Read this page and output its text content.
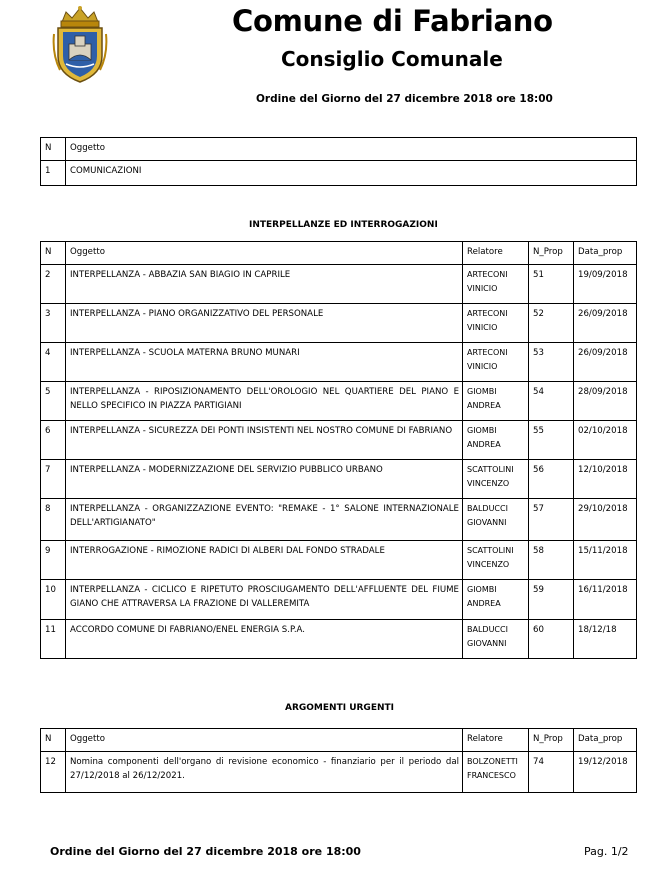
Comune di Fabriano
Consiglio Comunale
Ordine del Giorno del 27 dicembre 2018 ore 18:00
N	Oggetto
1	COMUNICAZIONI
INTERPELLANZE ED INTERROGAZIONI
N	Oggetto	Relatore	N_Prop	Data_prop
2	INTERPELLANZA - ABBAZIA SAN BIAGIO IN CAPRILE	ARTECONI VINICIO	51	19/09/2018
3	INTERPELLANZA - PIANO ORGANIZZATIVO DEL PERSONALE	ARTECONI VINICIO	52	26/09/2018
4	INTERPELLANZA - SCUOLA MATERNA BRUNO MUNARI	ARTECONI VINICIO	53	26/09/2018
5	INTERPELLANZA - RIPOSIZIONAMENTO DELL'OROLOGIO NEL QUARTIERE DEL PIANO E NELLO SPECIFICO IN PIAZZA PARTIGIANI	GIOMBI ANDREA	54	28/09/2018
6	INTERPELLANZA - SICUREZZA DEI PONTI INSISTENTI NEL NOSTRO COMUNE DI FABRIANO	GIOMBI ANDREA	55	02/10/2018
7	INTERPELLANZA - MODERNIZZAZIONE DEL SERVIZIO PUBBLICO URBANO	SCATTOLINI VINCENZO	56	12/10/2018
8	INTERPELLANZA - ORGANIZZAZIONE EVENTO: "REMAKE - 1° SALONE INTERNAZIONALE DELL'ARTIGIANATO"	BALDUCCI GIOVANNI	57	29/10/2018
9	INTERROGAZIONE - RIMOZIONE RADICI DI ALBERI DAL FONDO STRADALE	SCATTOLINI VINCENZO	58	15/11/2018
10	INTERPELLANZA - CICLICO E RIPETUTO PROSCIUGAMENTO DELL'AFFLUENTE DEL FIUME GIANO CHE ATTRAVERSA LA FRAZIONE DI VALLEREMITA	GIOMBI ANDREA	59	16/11/2018
11	ACCORDO COMUNE DI FABRIANO/ENEL ENERGIA S.P.A.	BALDUCCI GIOVANNI	60	18/12/18
ARGOMENTI URGENTI
N	Oggetto	Relatore	N_Prop	Data_prop
12	Nomina componenti dell'organo di revisione economico - finanziario per il periodo dal 27/12/2018 al 26/12/2021.	BOLZONETTI FRANCESCO	74	19/12/2018
Ordine del Giorno del 27 dicembre 2018 ore 18:00	Pag. 1/2
